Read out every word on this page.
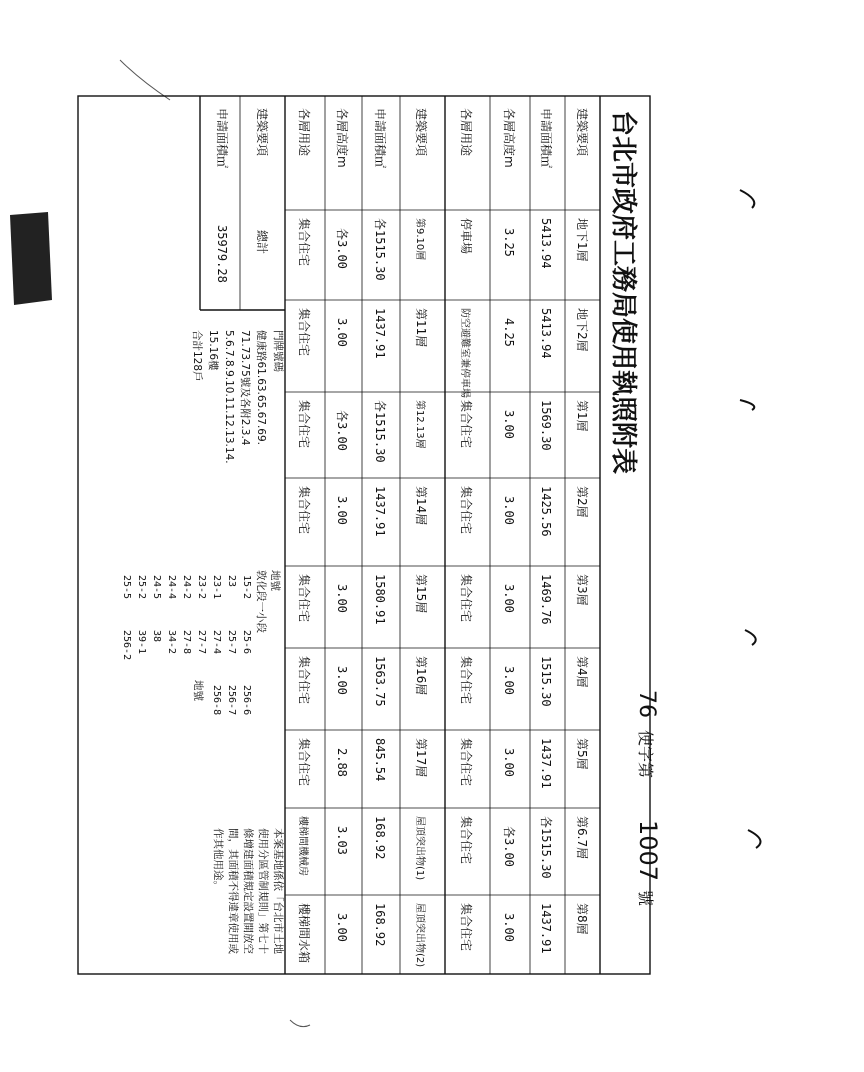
台北市政府工務局使用執照附表
76
使字第
1007
號
建築要項
申請面積㎡
各層高度m
各層用途
建築要項
申請面積㎡
各層高度m
各層用途
地下1層
5413.94
3.25
停車場
地下2層
5413.94
4.25
防空避難室兼停車場
第1層
1569.30
3.00
集合住宅
第2層
1425.56
3.00
集合住宅
第3層
1469.76
3.00
集合住宅
第4層
1515.30
3.00
集合住宅
第5層
1437.91
3.00
集合住宅
第6.7層
各1515.30
各3.00
集合住宅
第8層
1437.91
3.00
集合住宅
第9.10層
各1515.30
各3.00
集合住宅
第11層
1437.91
3.00
集合住宅
第12.13層
各1515.30
各3.00
集合住宅
第14層
1437.91
3.00
集合住宅
第15層
1580.91
3.00
集合住宅
第16層
1563.75
3.00
集合住宅
第17層
845.54
2.88
集合住宅
屋頂突出物(1)
168.92
3.03
樓梯間機械房
屋頂突出物(2)
168.92
3.00
樓梯間水箱
建築要項
申請面積㎡
總計
35979.28
門牌號碼
健康路61.63.65.67.69.
71.73.75號及各附2.3.4
5.6.7.8.9.10.11.12.13.14.
15.16樓
合計128戶
地號
敦化段一小段
15-2
25-6
256-6
23
25-7
256-7
23-1
27-4
256-8
23-2
27-7
24-2
27-8
24-4
34-2
24-5
38
25-2
39-1
25-5
256-2
地號
本案基地係依「台北市土地
使用分區管制規則」第七十
條增建面積規定設置開放空
間，其面積不得違章使用或
作其他用途。
